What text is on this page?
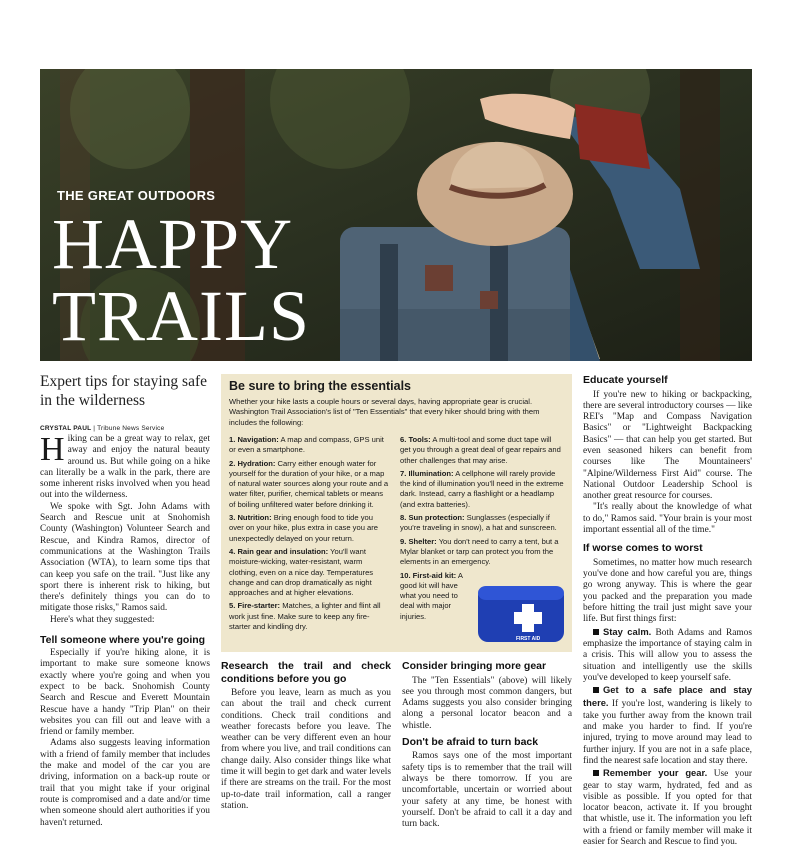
THE GREAT OUTDOORS
HAPPY
TRAILS
Expert tips for staying safe in the wilderness
CRYSTAL PAUL | Tribune News Service

Hiking can be a great way to relax, get away and enjoy the natural beauty around us. But while going on a hike can literally be a walk in the park, there are some inherent risks involved when you head out into the wilderness.

We spoke with Sgt. John Adams with Search and Rescue unit at Snohomish County (Washington) Volunteer Search and Rescue, and Kindra Ramos, director of communications at the Washington Trails Association (WTA), to learn some tips that can keep you safe on the trail. "Just like any sport there is inherent risk to hiking, but there's definitely things you can do to mitigate those risks," Ramos said.

Here's what they suggested:

Tell someone where you're going

Especially if you're hiking alone, it is important to make sure someone knows exactly where you're going and when you expect to be back. Snohomish County Search and Rescue and Everett Mountain Rescue have a handy "Trip Plan" on their websites you can fill out and leave with a friend or family member.

Adams also suggests leaving information with a friend of family member that includes the make and model of the car you are driving, information on a back-up route or trail that you might take if your original route is compromised and a date and/or time when someone should alert authorities if you haven't returned.

Be sure to bring the essentials
Whether your hike lasts a couple hours or several days, having appropriate gear is crucial. Washington Trail Association's list of "Ten Essentials" that every hiker should bring with them includes the following:

1. Navigation: A map and compass, GPS unit or even a smartphone.

2. Hydration: Carry either enough water for yourself for the duration of your hike, or a map of natural water sources along your route and a water filter, purifier, chemical tablets or means of boiling unfiltered water before drinking it.

3. Nutrition: Bring enough food to tide you over on your hike, plus extra in case you are unexpectedly delayed on your return.

4. Rain gear and insulation: You'll want moisture-wicking, water-resistant, warm clothing, even on a nice day. Temperatures change and can drop dramatically as night approaches and at higher elevations.

5. Fire-starter: Matches, a lighter and flint all work just fine. Make sure to keep any fire-starter and kindling dry.

6. Tools: A multi-tool and some duct tape will get you through a great deal of gear repairs and other challenges that may arise.

7. Illumination: A cellphone will rarely provide the kind of illumination you'll need in the extreme dark. Instead, carry a flashlight or a headlamp (and extra batteries).

8. Sun protection: Sunglasses (especially if you're traveling in snow), a hat and sunscreen.

9. Shelter: You don't need to carry a tent, but a Mylar blanket or tarp can protect you from the elements in an emergency.

10. First-aid kit: A good kit will have what you need to deal with major injuries.

FIRST AID
Research the trail and check conditions before you go

Before you leave, learn as much as you can about the trail and check current conditions. Check trail conditions and weather forecasts before you leave. The weather can be very different even an hour from where you live, and trail conditions can change daily. Also consider things like what time it will begin to get dark and water levels if there are streams on the trail. For the most up-to-date trail information, call a ranger station.

Consider bringing more gear

The "Ten Essentials" (above) will likely see you through most common dangers, but Adams suggests you also consider bringing along a personal locator beacon and a whistle.

Don't be afraid to turn back

Ramos says one of the most important safety tips is to remember that the trail will always be there tomorrow. If you are uncomfortable, uncertain or worried about your safety at any time, be honest with yourself. Don't be afraid to call it a day and turn back.

Educate yourself

If you're new to hiking or backpacking, there are several introductory courses — like REI's "Map and Compass Navigation Basics" or "Lightweight Backpacking Basics" — that can help you get started. But even seasoned hikers can benefit from courses like The Mountaineers' "Alpine/Wilderness First Aid" course. The National Outdoor Leadership School is another great resource for courses.

"It's really about the knowledge of what to do," Ramos said. "Your brain is your most important essential all of the time."

If worse comes to worst

Sometimes, no matter how much research you've done and how careful you are, things go wrong anyway. This is where the gear you packed and the preparation you made before hitting the trail just might save your life. But first things first:

Stay calm. Both Adams and Ramos emphasize the importance of staying calm in a crisis. This will allow you to assess the situation and intelligently use the skills you've developed to keep yourself safe.

Get to a safe place and stay there. If you're lost, wandering is likely to take you further away from the known trail and make you harder to find. If you're injured, trying to move around may lead to further injury. If you are not in a safe place, find the nearest safe location and stay there.

Remember your gear. Use your gear to stay warm, hydrated, fed and as visible as possible. If you opted for that locator beacon, activate it. If you brought that whistle, use it. The information you left with a friend or family member will make it easier for Search and Rescue to find you.
